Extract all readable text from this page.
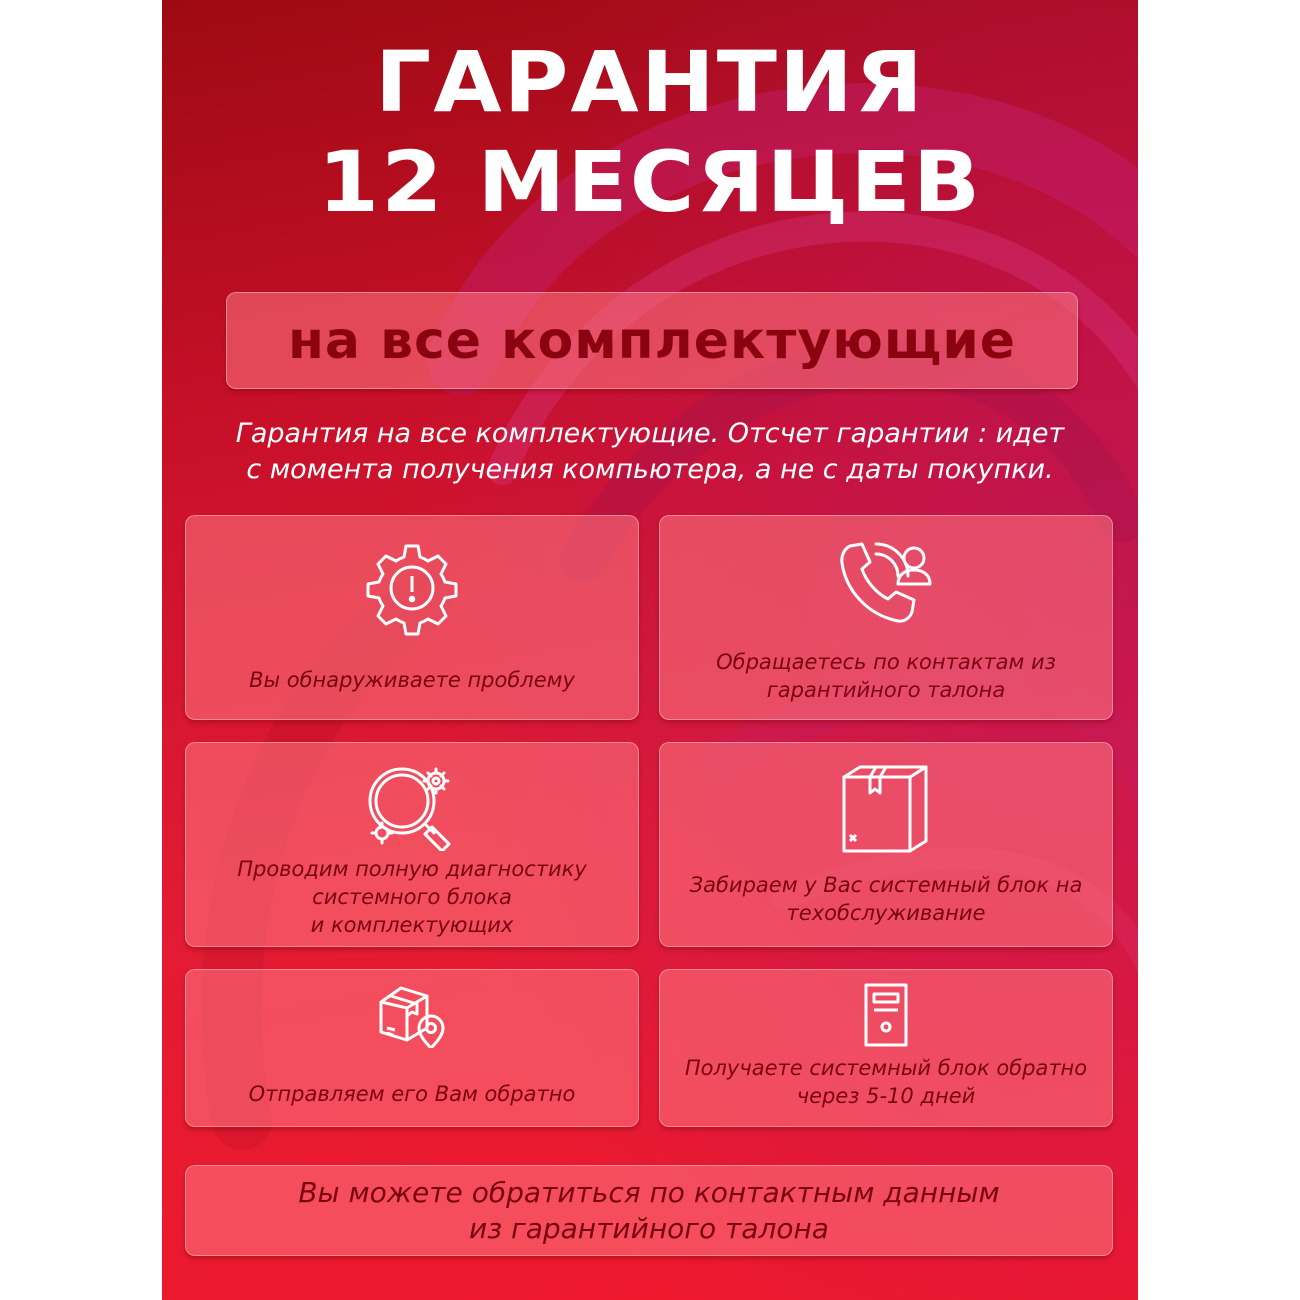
ГАРАНТИЯ
12 МЕСЯЦЕВ
на все комплектующие
Гарантия на все комплектующие. Отсчет гарантии : идет
с момента получения компьютера, а не с даты покупки.
Вы обнаруживаете проблему
Обращаетесь по контактам из
гарантийного талона
Проводим полную диагностику
системного блока
и комплектующих
Забираем у Вас системный блок на
техобслуживание
Отправляем его Вам обратно
Получаете системный блок обратно
через 5-10 дней
Вы можете обратиться по контактным данным
из гарантийного талона
